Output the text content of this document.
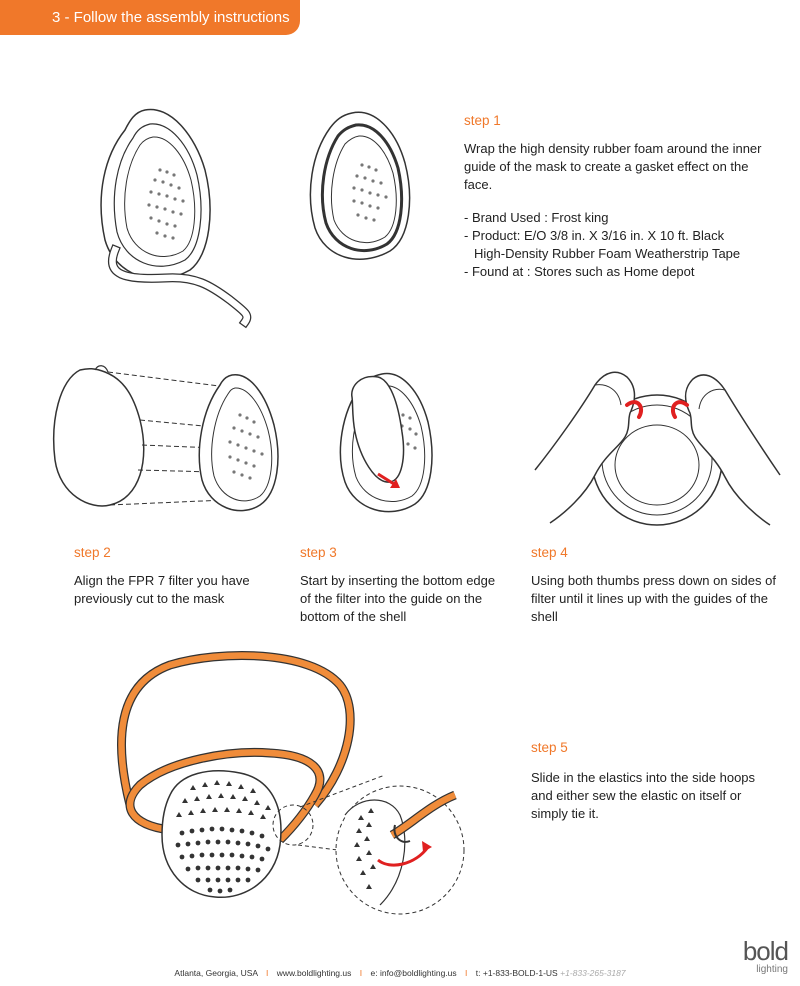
3 - Follow the assembly instructions
step 1

Wrap the high density rubber foam around the inner guide of the mask to create a gasket effect on the face.

- Brand Used : Frost king

- Product: E/O 3/8 in. X 3/16 in. X 10 ft. Black

High-Density Rubber Foam Weatherstrip Tape

- Found at : Stores such as Home depot

step 2
Align the FPR 7 filter you have previously cut to the mask
step 3
Start by inserting the bottom edge of the filter into the guide on the bottom of the shell
step 4
Using both thumbs press down on sides of filter until it lines up with the guides of the shell
step 5
Slide in the elastics into the side hoops and either sew the elastic on itself or simply tie it.
bold
lighting
Atlanta, Georgia, USA I www.boldlighting.us I e: info@boldlighting.us I t: +1-833-BOLD-1-US +1-833-265-3187
